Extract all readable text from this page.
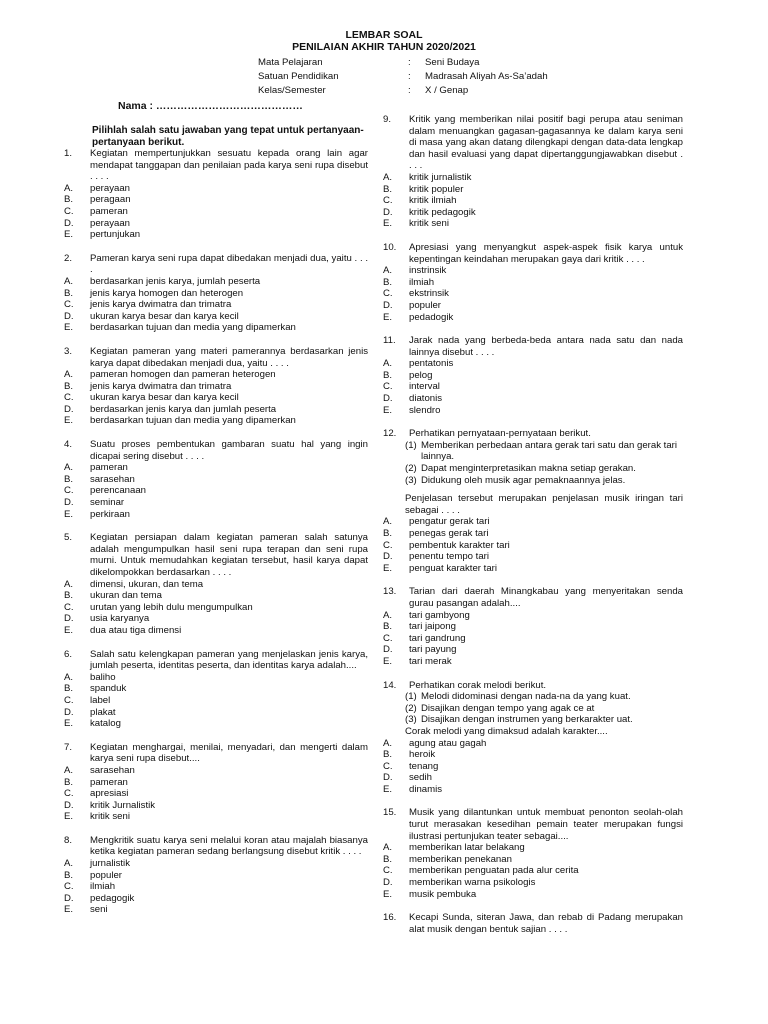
LEMBAR SOAL
PENILAIAN AKHIR TAHUN 2020/2021
Mata Pelajaran	:	Seni Budaya
Satuan Pendidikan	:	Madrasah Aliyah As-Sa’adah
Kelas/Semester	:	X / Genap
Nama : ……………………………………
Pilihlah salah satu jawaban yang tepat untuk pertanyaan-pertanyaan berikut.
1.	Kegiatan mempertunjukkan sesuatu kepada orang lain agar mendapat tanggapan dan penilaian pada karya seni rupa disebut . . . .
A.	perayaan
B.	peragaan
C.	pameran
D.	perayaan
E.	pertunjukan
2.	Pameran karya seni rupa dapat dibedakan menjadi dua, yaitu . . . .
A.	berdasarkan jenis karya, jumlah peserta
B.	jenis karya homogen dan heterogen
C.	jenis karya dwimatra dan trimatra
D.	ukuran karya besar dan karya kecil
E.	berdasarkan tujuan dan media yang dipamerkan
3.	Kegiatan pameran yang materi pamerannya berdasarkan jenis karya dapat dibedakan menjadi dua, yaitu . . . .
A.	pameran homogen dan pameran heterogen
B.	jenis karya dwimatra dan trimatra
C.	ukuran karya besar dan karya kecil
D.	berdasarkan jenis karya dan jumlah peserta
E.	berdasarkan tujuan dan media yang dipamerkan
4.	Suatu proses pembentukan gambaran suatu hal yang ingin dicapai sering disebut . . . .
A.	pameran
B.	sarasehan
C.	perencanaan
D.	seminar
E.	perkiraan
5.	Kegiatan persiapan dalam kegiatan pameran salah satunya adalah mengumpulkan hasil seni rupa terapan dan seni rupa murni. Untuk memudahkan kegiatan tersebut, hasil karya dapat dikelompokkan berdasarkan . . . .
A.	dimensi, ukuran, dan tema
B.	ukuran dan tema
C.	urutan yang lebih dulu mengumpulkan
D.	usia karyanya
E.	dua atau tiga dimensi
6.	Salah satu kelengkapan pameran yang menjelaskan jenis karya, jumlah peserta, identitas peserta, dan identitas karya adalah....
A.	baliho
B.	spanduk
C.	label
D.	plakat
E.	katalog
7.	Kegiatan menghargai, menilai, menyadari, dan mengerti dalam karya seni rupa disebut....
A.	sarasehan
B.	pameran
C.	apresiasi
D.	kritik Jurnalistik
E.	kritik seni
8.	Mengkritik suatu karya seni melalui koran atau majalah biasanya ketika kegiatan pameran sedang berlangsung disebut kritik . . . .
A.	jurnalistik
B.	populer
C.	ilmiah
D.	pedagogik
E.	seni
9.	Kritik yang memberikan nilai positif bagi perupa atau seniman dalam menuangkan gagasan-gagasannya ke dalam karya seni di masa yang akan datang dilengkapi dengan data-data lengkap dan hasil evaluasi yang dapat dipertanggungjawabkan disebut . . . .
A.	kritik jurnalistik
B.	kritik populer
C.	kritik ilmiah
D.	kritik pedagogik
E.	kritik seni
10.	Apresiasi yang menyangkut aspek-aspek fisik karya untuk kepentingan keindahan merupakan gaya dari kritik . . . .
A.	instrinsik
B.	ilmiah
C.	ekstrinsik
D.	populer
E.	pedadogik
11.	Jarak nada yang berbeda-beda antara nada satu dan nada lainnya disebut . . . .
A.	pentatonis
B.	pelog
C.	interval
D.	diatonis
E.	slendro
12.	Perhatikan pernyataan-pernyataan berikut.
(1) Memberikan perbedaan antara gerak tari satu dan gerak tari lainnya.
(2) Dapat menginterpretasikan makna setiap gerakan.
(3) Didukung oleh musik agar pemaknaannya jelas.
Penjelasan tersebut merupakan penjelasan musik iringan tari sebagai . . . .
A.	pengatur gerak tari
B.	penegas gerak tari
C.	pembentuk karakter tari
D.	penentu tempo tari
E.	penguat karakter tari
13.	Tarian dari daerah Minangkabau yang menyeritakan senda gurau pasangan adalah....
A.	tari gambyong
B.	tari jaipong
C.	tari gandrung
D.	tari payung
E.	tari merak
14.	Perhatikan corak melodi berikut.
(1) Melodi didominasi dengan nada-na da yang kuat.
(2) Disajikan dengan tempo yang agak ce at
(3) Disajikan dengan instrumen yang berkarakter uat.
Corak melodi yang dimaksud adalah karakter....
A.	agung atau gagah
B.	heroik
C.	tenang
D.	sedih
E.	dinamis
15.	Musik yang dilantunkan untuk membuat penonton seolah-olah turut merasakan kesedihan pemain teater merupakan fungsi ilustrasi pertunjukan teater sebagai....
A.	memberikan latar belakang
B.	memberikan penekanan
C.	memberikan penguatan pada alur cerita
D.	memberikan warna psikologis
E.	musik pembuka
16.	Kecapi Sunda, siteran Jawa, dan rebab di Padang merupakan alat musik dengan bentuk sajian . . . .
